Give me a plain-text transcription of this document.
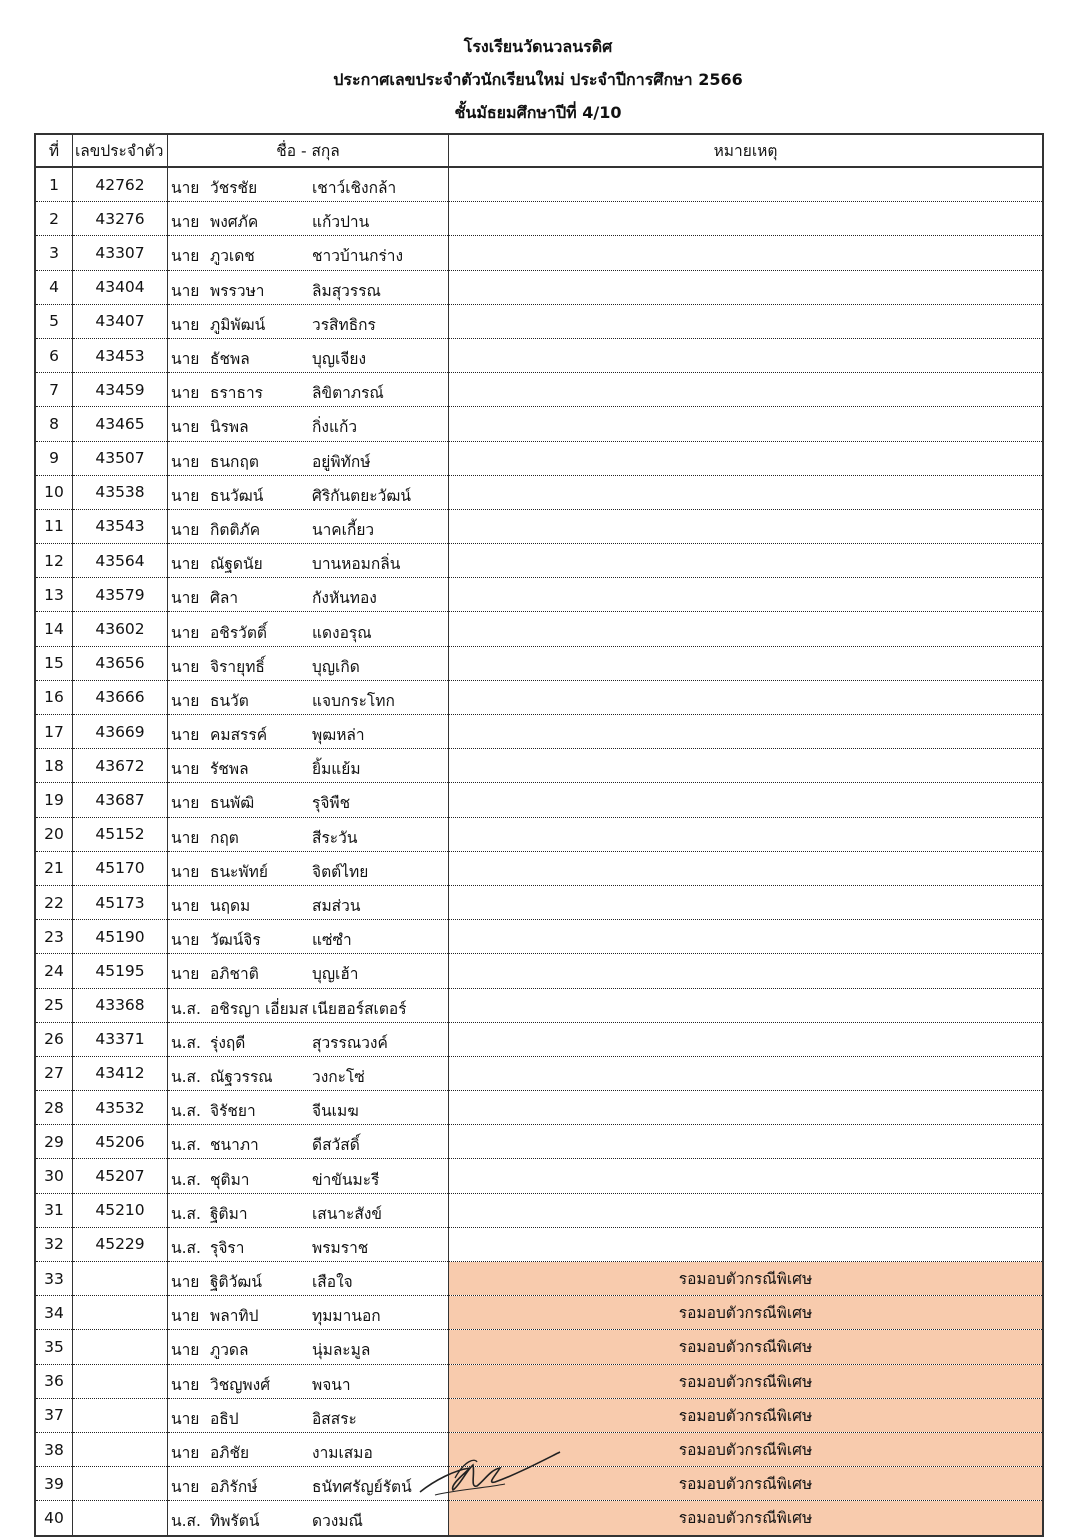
โรงเรียนวัดนวลนรดิศ
ประกาศเลขประจำตัวนักเรียนใหม่ ประจำปีการศึกษา 2566
ชั้นมัธยมศึกษาปีที่ 4/10
ที่	เลขประจำตัว	ชื่อ - สกุล	หมายเหตุ
1	42762	นาย วัชรชัย เชาว์เชิงกล้า	

2	43276	นาย พงศภัค แก้วปาน	

3	43307	นาย ภูวเดช ชาวบ้านกร่าง	

4	43404	นาย พรรวษา ลิมสุวรรณ	

5	43407	นาย ภูมิพัฒน์ วรสิทธิกร	

6	43453	นาย ธัชพล บุญเจียง	

7	43459	นาย ธราธาร ลิขิตาภรณ์	

8	43465	นาย นิรพล กิ่งแก้ว	

9	43507	นาย ธนกฤต อยู่พิทักษ์	

10	43538	นาย ธนวัฒน์ ศิริกันตยะวัฒน์	

11	43543	นาย กิตติภัค นาคเกี้ยว	

12	43564	นาย ณัฐดนัย บานหอมกลิ่น	

13	43579	นาย ศิลา กังหันทอง	

14	43602	นาย อชิรวัตติ์ แดงอรุณ	

15	43656	นาย จิรายุทธิ์ บุญเกิด	

16	43666	นาย ธนวัต แจบกระโทก	

17	43669	นาย คมสรรค์ พุฒหล่า	

18	43672	นาย รัชพล ยิ้มแย้ม	

19	43687	นาย ธนพัฒิ รุจิพืช	

20	45152	นาย กฤต สีระวัน	

21	45170	นาย ธนะพัทย์ จิตต์ไทย	

22	45173	นาย นฤดม สมส่วน	

23	45190	นาย วัฒน์จิร แซ่ซำ	

24	45195	นาย อภิชาติ บุญเฮ้า	

25	43368	น.ส. อชิรญา เอี่ยมส เนียฮอร์สเตอร์	

26	43371	น.ส. รุ่งฤดี สุวรรณวงค์	

27	43412	น.ส. ณัฐวรรณ วงกะโซ่	

28	43532	น.ส. จิรัชยา จีนเมฆ	

29	45206	น.ส. ชนาภา ดีสวัสดิ์	

30	45207	น.ส. ชุติมา ข่าขันมะรี	

31	45210	น.ส. ฐิติมา เสนาะสังข์	

32	45229	น.ส. รุจิรา พรมราช	

33		นาย ฐิติวัฒน์ เสือใจ	รอมอบตัวกรณีพิเศษ
34		นาย พลาทิป ทุมมานอก	รอมอบตัวกรณีพิเศษ
35		นาย ภูวดล นุ่มละมูล	รอมอบตัวกรณีพิเศษ
36		นาย วิชญพงศ์ พจนา	รอมอบตัวกรณีพิเศษ
37		นาย อธิป อิสสระ	รอมอบตัวกรณีพิเศษ
38		นาย อภิชัย งามเสมอ	รอมอบตัวกรณีพิเศษ
39		นาย อภิรักษ์ ธนัทศรัญย์รัตน์	รอมอบตัวกรณีพิเศษ
40		น.ส. ทิพรัตน์ ดวงมณี	รอมอบตัวกรณีพิเศษ
